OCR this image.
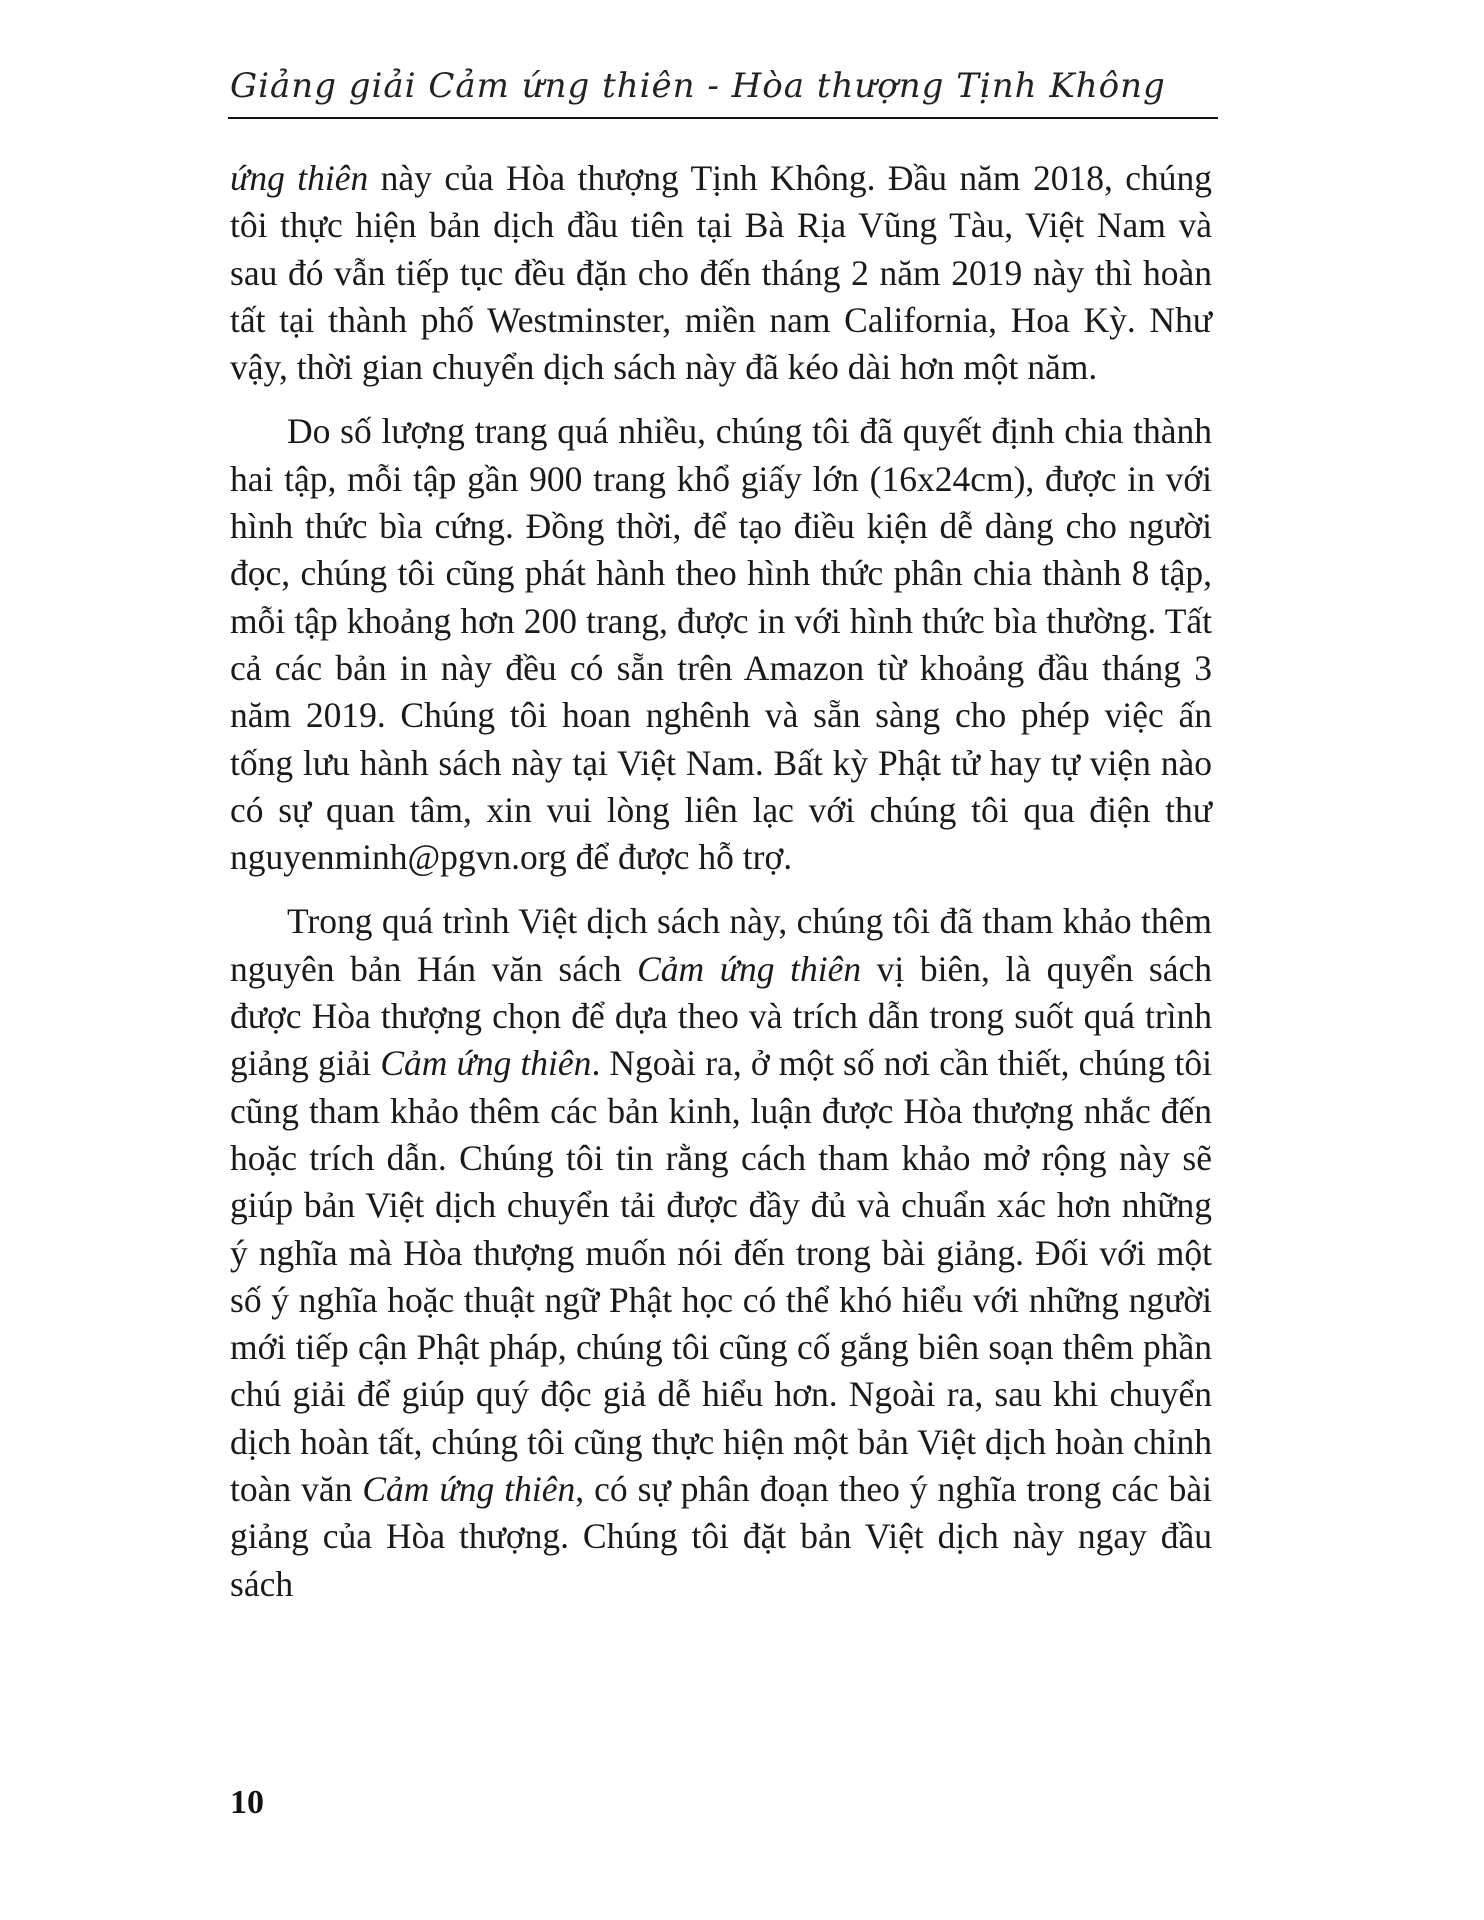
Giảng giải Cảm ứng thiên - Hòa thượng Tịnh Không

ứng thiên này của Hòa thượng Tịnh Không. Đầu năm 2018, chúng tôi thực hiện bản dịch đầu tiên tại Bà Rịa Vũng Tàu, Việt Nam và sau đó vẫn tiếp tục đều đặn cho đến tháng 2 năm 2019 này thì hoàn tất tại thành phố Westminster, miền nam California, Hoa Kỳ. Như vậy, thời gian chuyển dịch sách này đã kéo dài hơn một năm.

Do số lượng trang quá nhiều, chúng tôi đã quyết định chia thành hai tập, mỗi tập gần 900 trang khổ giấy lớn (16x24cm), được in với hình thức bìa cứng. Đồng thời, để tạo điều kiện dễ dàng cho người đọc, chúng tôi cũng phát hành theo hình thức phân chia thành 8 tập, mỗi tập khoảng hơn 200 trang, được in với hình thức bìa thường. Tất cả các bản in này đều có sẵn trên Amazon từ khoảng đầu tháng 3 năm 2019. Chúng tôi hoan nghênh và sẵn sàng cho phép việc ấn tống lưu hành sách này tại Việt Nam. Bất kỳ Phật tử hay tự viện nào có sự quan tâm, xin vui lòng liên lạc với chúng tôi qua điện thư nguyenminh@pgvn.org để được hỗ trợ.

Trong quá trình Việt dịch sách này, chúng tôi đã tham khảo thêm nguyên bản Hán văn sách Cảm ứng thiên vị biên, là quyển sách được Hòa thượng chọn để dựa theo và trích dẫn trong suốt quá trình giảng giải Cảm ứng thiên. Ngoài ra, ở một số nơi cần thiết, chúng tôi cũng tham khảo thêm các bản kinh, luận được Hòa thượng nhắc đến hoặc trích dẫn. Chúng tôi tin rằng cách tham khảo mở rộng này sẽ giúp bản Việt dịch chuyển tải được đầy đủ và chuẩn xác hơn những ý nghĩa mà Hòa thượng muốn nói đến trong bài giảng. Đối với một số ý nghĩa hoặc thuật ngữ Phật học có thể khó hiểu với những người mới tiếp cận Phật pháp, chúng tôi cũng cố gắng biên soạn thêm phần chú giải để giúp quý độc giả dễ hiểu hơn. Ngoài ra, sau khi chuyển dịch hoàn tất, chúng tôi cũng thực hiện một bản Việt dịch hoàn chỉnh toàn văn Cảm ứng thiên, có sự phân đoạn theo ý nghĩa trong các bài giảng của Hòa thượng. Chúng tôi đặt bản Việt dịch này ngay đầu sách

10
